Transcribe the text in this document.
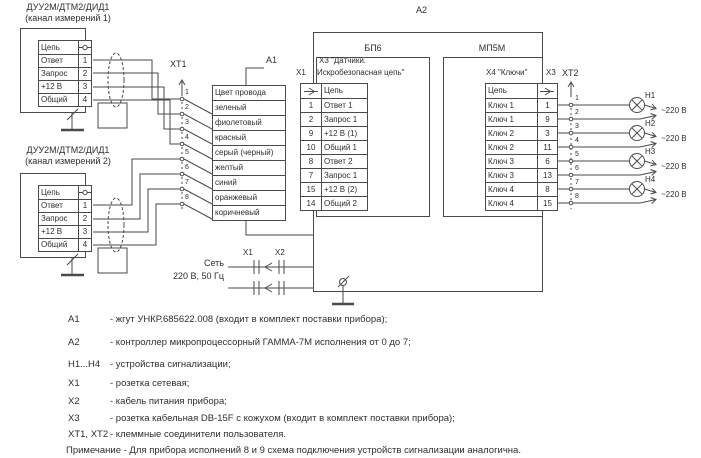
ДУУ2М/ДТМ2/ДИД1
(канал измерений 1)
Цепь
Ответ	1
Запрос	2
+12 В	3
Общий	4
ДУУ2М/ДТМ2/ДИД1
(канал измерений 2)
Цепь
Ответ	1
Запрос	2
+12 В	3
Общий	4
XT1
1
2
3
4
5
6
7
8
A1
Цвет провода
зеленый
фиолетовый
красный
серый (черный)
желтый
синий
оранжевый
коричневый
А2
БП6
X3 "Датчики.
X1 Искробезопасная цепь"
Цепь
1	Ответ 1
2	Запрос 1
9	+12 В (1)
10	Общий 1
8	Ответ 2
7	Запрос 1
15	+12 В (2)
14	Общий 2
МП5М
X4 "Ключи" X3
Цепь
Ключ 1	1
Ключ 1	9
Ключ 2	3
Ключ 2	11
Ключ 3	6
Ключ 3	13
Ключ 4	8
Ключ 4	15
XT2
1
2
3
4
5
6
7
8
H1
H2
H3
H4
~220 В
~220 В
~220 В
~220 В
Сеть
220 В, 50 Гц
X1	X2
A1	- жгут УНКР.685622.008 (входит в комплект поставки прибора);
A2	- контроллер микропроцессорный ГАММА-7М исполнения от 0 до 7;
H1...H4 - устройства сигнализации;
X1	- розетка сетевая;
X2	- кабель питания прибора;
X3	- розетка кабельная DB-15F с кожухом (входит в комплект поставки прибора);
XT1, XT2 - клеммные соединители пользователя.
Примечание - Для прибора исполнений 8 и 9 схема подключения устройств сигнализации аналогична.
